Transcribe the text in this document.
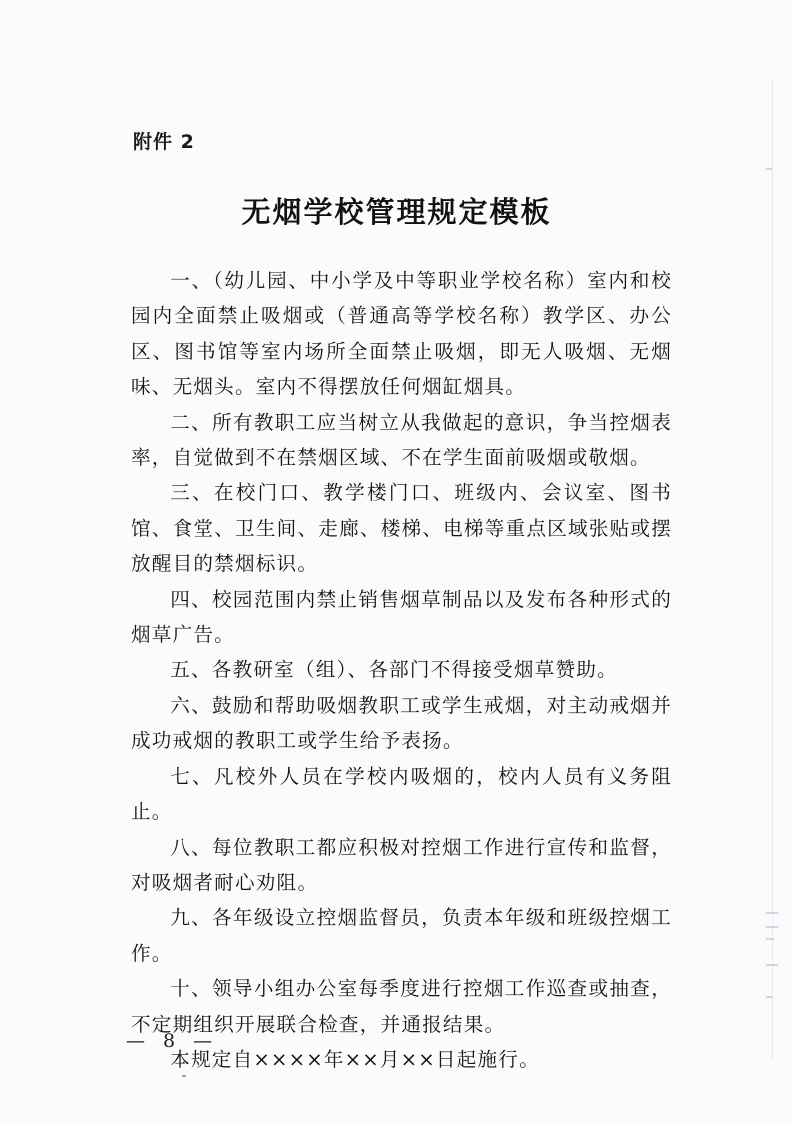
附件 2
无烟学校管理规定模板

一、（幼儿园、中小学及中等职业学校名称）室内和校园内全面禁止吸烟或（普通高等学校名称）教学区、办公区、图书馆等室内场所全面禁止吸烟，即无人吸烟、无烟味、无烟头。室内不得摆放任何烟缸烟具。

二、所有教职工应当树立从我做起的意识，争当控烟表率，自觉做到不在禁烟区域、不在学生面前吸烟或敬烟。

三、在校门口、教学楼门口、班级内、会议室、图书馆、食堂、卫生间、走廊、楼梯、电梯等重点区域张贴或摆放醒目的禁烟标识。

四、校园范围内禁止销售烟草制品以及发布各种形式的烟草广告。

五、各教研室（组）、各部门不得接受烟草赞助。

六、鼓励和帮助吸烟教职工或学生戒烟，对主动戒烟并成功戒烟的教职工或学生给予表扬。

七、凡校外人员在学校内吸烟的，校内人员有义务阻止。

八、每位教职工都应积极对控烟工作进行宣传和监督，对吸烟者耐心劝阻。

九、各年级设立控烟监督员，负责本年级和班级控烟工作。

十、领导小组办公室每季度进行控烟工作巡查或抽查，不定期组织开展联合检查，并通报结果。

本规定自××××年××月××日起施行。

— 8 —
